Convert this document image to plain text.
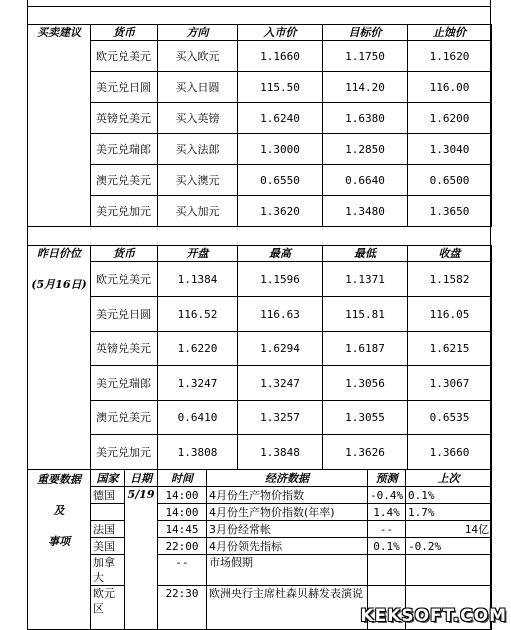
买卖建议	货币	方向	入市价	目标价	止蚀价
	欧元兑美元	买入欧元	1.1660	1.1750	1.1620
	美元兑日圆	买入日圆	115.50	114.20	116.00
	英镑兑美元	买入英镑	1.6240	1.6380	1.6200
	美元兑瑞郎	买入法郎	1.3000	1.2850	1.3040
	澳元兑美元	买入澳元	0.6550	0.6640	0.6500
	美元兑加元	买入加元	1.3620	1.3480	1.3650
昨日价位
(5月16日)	货币	开盘	最高	最低	收盘
	欧元兑美元	1.1384	1.1596	1.1371	1.1582
	美元兑日圆	116.52	116.63	115.81	116.05
	英镑兑美元	1.6220	1.6294	1.6187	1.6215
	美元兑瑞郎	1.3247	1.3247	1.3056	1.3067
	澳元兑美元	0.6410	1.3257	1.3055	0.6535
	美元兑加元	1.3808	1.3848	1.3626	1.3660
重要数据
及
事项	国家	日期	时间	经济数据	预测	上次
	德国	5/19	14:00	4月份生产物价指数	-0.4%	0.1%
			14:00	4月份生产物价指数(年率)	1.4%	1.7%
	法国		14:45	3月份经常帐	--	14亿
	美国		22:00	4月份领先指标	0.1%	-0.2%
	加拿大		--	市场假期		
	欧元区		22:30	欧洲央行主席杜森贝赫发表演说		
KEKSOFT.COM
